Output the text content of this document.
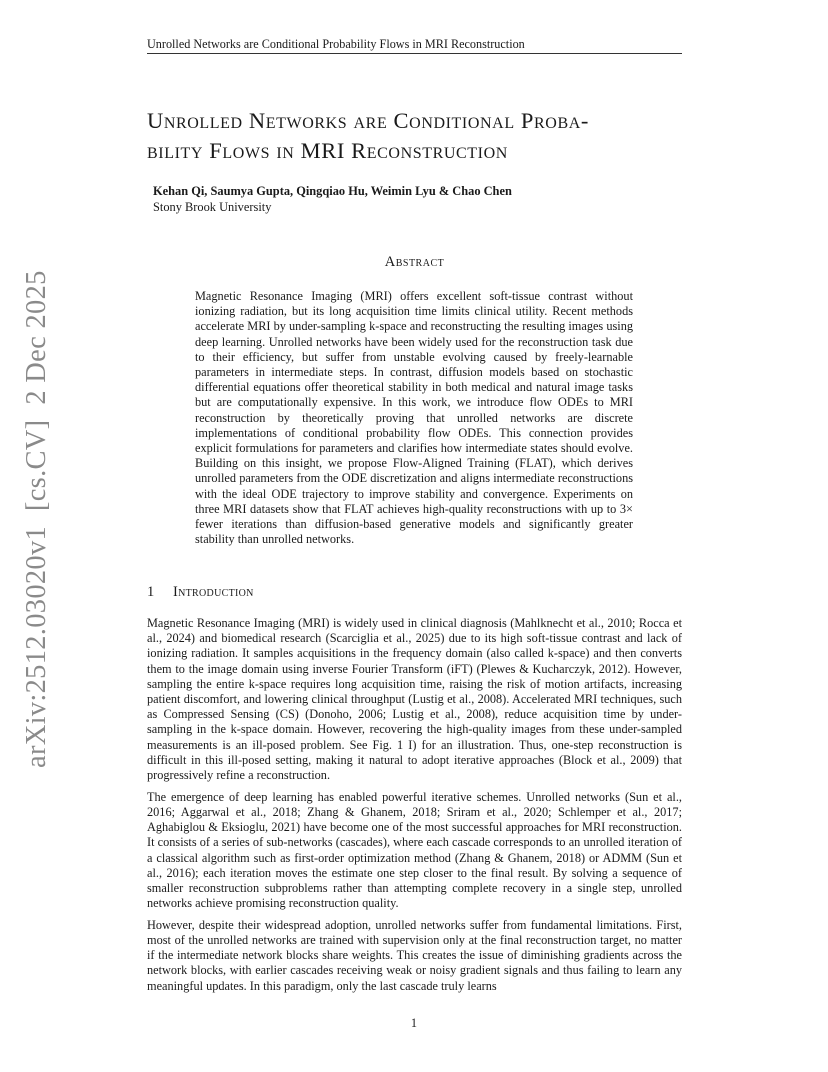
Unrolled Networks are Conditional Probability Flows in MRI Reconstruction
Unrolled Networks are Conditional Proba-
bility Flows in MRI Reconstruction
Kehan Qi, Saumya Gupta, Qingqiao Hu, Weimin Lyu & Chao Chen
Stony Brook University
arXiv:2512.03020v1  [cs.CV]  2 Dec 2025
Abstract

Magnetic Resonance Imaging (MRI) offers excellent soft-tissue contrast without ionizing radiation, but its long acquisition time limits clinical utility. Recent methods accelerate MRI by under-sampling k-space and reconstructing the resulting images using deep learning. Unrolled networks have been widely used for the reconstruction task due to their efficiency, but suffer from unstable evolving caused by freely-learnable parameters in intermediate steps. In contrast, diffusion models based on stochastic differential equations offer theoretical stability in both medical and natural image tasks but are computationally expensive. In this work, we introduce flow ODEs to MRI reconstruction by theoretically proving that unrolled networks are discrete implementations of conditional probability flow ODEs. This connection provides explicit formulations for parameters and clarifies how intermediate states should evolve. Building on this insight, we propose Flow-Aligned Training (FLAT), which derives unrolled parameters from the ODE discretization and aligns intermediate reconstructions with the ideal ODE trajectory to improve stability and convergence. Experiments on three MRI datasets show that FLAT achieves high-quality reconstructions with up to 3× fewer iterations than diffusion-based generative models and significantly greater stability than unrolled networks.

1 Introduction

Magnetic Resonance Imaging (MRI) is widely used in clinical diagnosis (Mahlknecht et al., 2010; Rocca et al., 2024) and biomedical research (Scarciglia et al., 2025) due to its high soft-tissue contrast and lack of ionizing radiation. It samples acquisitions in the frequency domain (also called k-space) and then converts them to the image domain using inverse Fourier Transform (iFT) (Plewes & Kucharczyk, 2012). However, sampling the entire k-space requires long acquisition time, raising the risk of motion artifacts, increasing patient discomfort, and lowering clinical throughput (Lustig et al., 2008). Accelerated MRI techniques, such as Compressed Sensing (CS) (Donoho, 2006; Lustig et al., 2008), reduce acquisition time by under-sampling in the k-space domain. However, recovering the high-quality images from these under-sampled measurements is an ill-posed problem. See Fig. 1 I) for an illustration. Thus, one-step reconstruction is difficult in this ill-posed setting, making it natural to adopt iterative approaches (Block et al., 2009) that progressively refine a reconstruction.

The emergence of deep learning has enabled powerful iterative schemes. Unrolled networks (Sun et al., 2016; Aggarwal et al., 2018; Zhang & Ghanem, 2018; Sriram et al., 2020; Schlemper et al., 2017; Aghabiglou & Eksioglu, 2021) have become one of the most successful approaches for MRI reconstruction. It consists of a series of sub-networks (cascades), where each cascade corresponds to an unrolled iteration of a classical algorithm such as first-order optimization method (Zhang & Ghanem, 2018) or ADMM (Sun et al., 2016); each iteration moves the estimate one step closer to the final result. By solving a sequence of smaller reconstruction subproblems rather than attempting complete recovery in a single step, unrolled networks achieve promising reconstruction quality.

However, despite their widespread adoption, unrolled networks suffer from fundamental limitations. First, most of the unrolled networks are trained with supervision only at the final reconstruction target, no matter if the intermediate network blocks share weights. This creates the issue of diminishing gradients across the network blocks, with earlier cascades receiving weak or noisy gradient signals and thus failing to learn any meaningful updates. In this paradigm, only the last cascade truly learns

1
